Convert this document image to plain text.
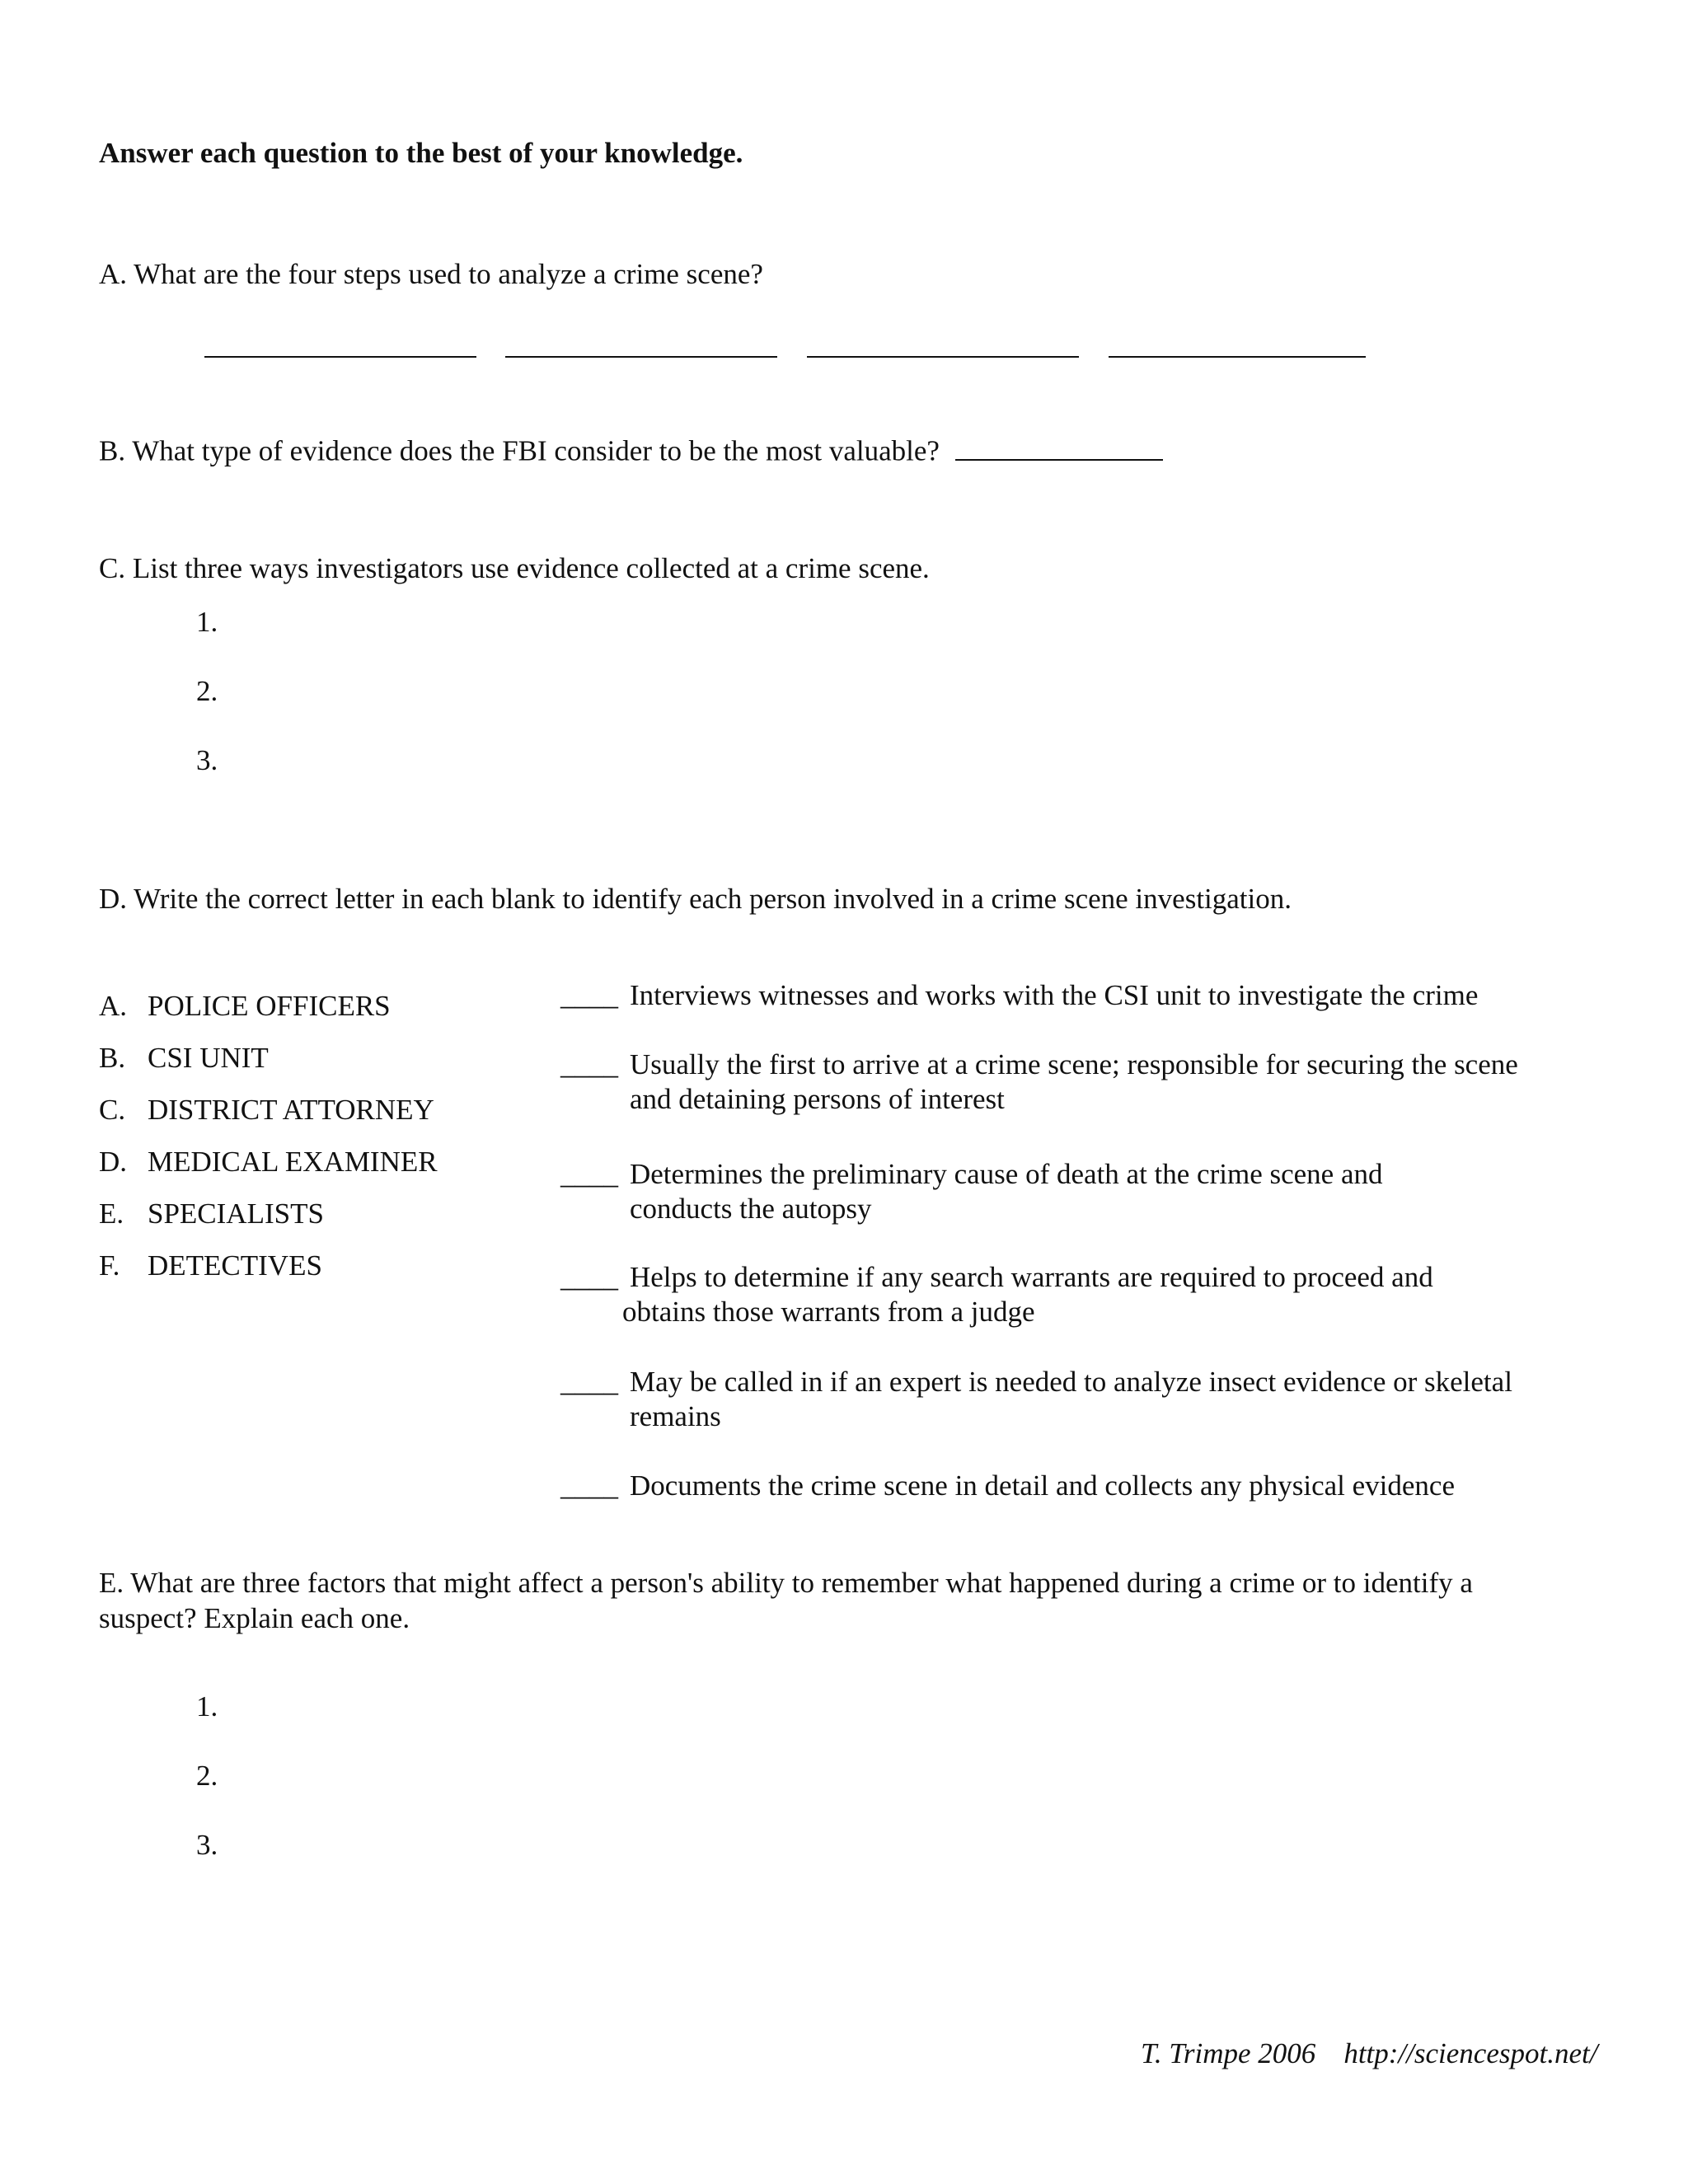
Answer each question to the best of your knowledge.
A. What are the four steps used to analyze a crime scene?
B. What type of evidence does the FBI consider to be the most valuable?
C. List three ways investigators use evidence collected at a crime scene.
1.
2.
3.
D. Write the correct letter in each blank to identify each person involved in a crime scene investigation.
A. POLICE OFFICERS
B. CSI UNIT
C. DISTRICT ATTORNEY
D. MEDICAL EXAMINER
E. SPECIALISTS
F. DETECTIVES
____ Interviews witnesses and works with the CSI unit to investigate the crime
____ Usually the first to arrive at a crime scene; responsible for securing the scene
and detaining persons of interest
____ Determines the preliminary cause of death at the crime scene and
conducts the autopsy
____ Helps to determine if any search warrants are required to proceed and
obtains those warrants from a judge
____ May be called in if an expert is needed to analyze insect evidence or skeletal
remains
____ Documents the crime scene in detail and collects any physical evidence
E. What are three factors that might affect a person's ability to remember what happened during a crime or to identify a
suspect? Explain each one.
1.
2.
3.
T. Trimpe 2006 http://sciencespot.net/
